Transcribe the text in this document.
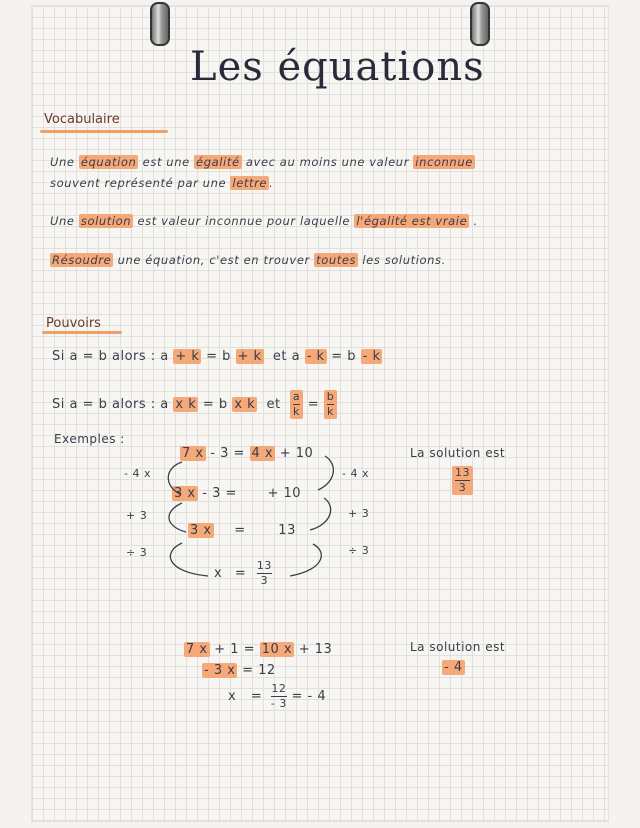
Les équations
Vocabulaire
Une équation est une égalité avec au moins une valeur inconnue
souvent représenté par une lettre .
Une solution est valeur inconnue pour laquelle l'égalité est vraie .
Résoudre une équation, c'est en trouver toutes les solutions.
Pouvoirs
Si a = b alors : a + k = b + k et a - k = b - k
Si a = b alors : a x k = b x k et $\frac{a}{k} = \frac{b}{k}$
Exemples :
7 x - 3 = 4 x + 10
3 x - 3 = + 10
3 x =	13
$x = \frac{13}{3}$
- 4 x
+ 3
÷ 3
- 4 x
+ 3
÷ 3
La solution est
$\frac{13}{3}$
7 x + 1 = 10 x + 13
- 3 x = 12
$x = \frac{12}{- 3}$ = - 4
La solution est
- 4
